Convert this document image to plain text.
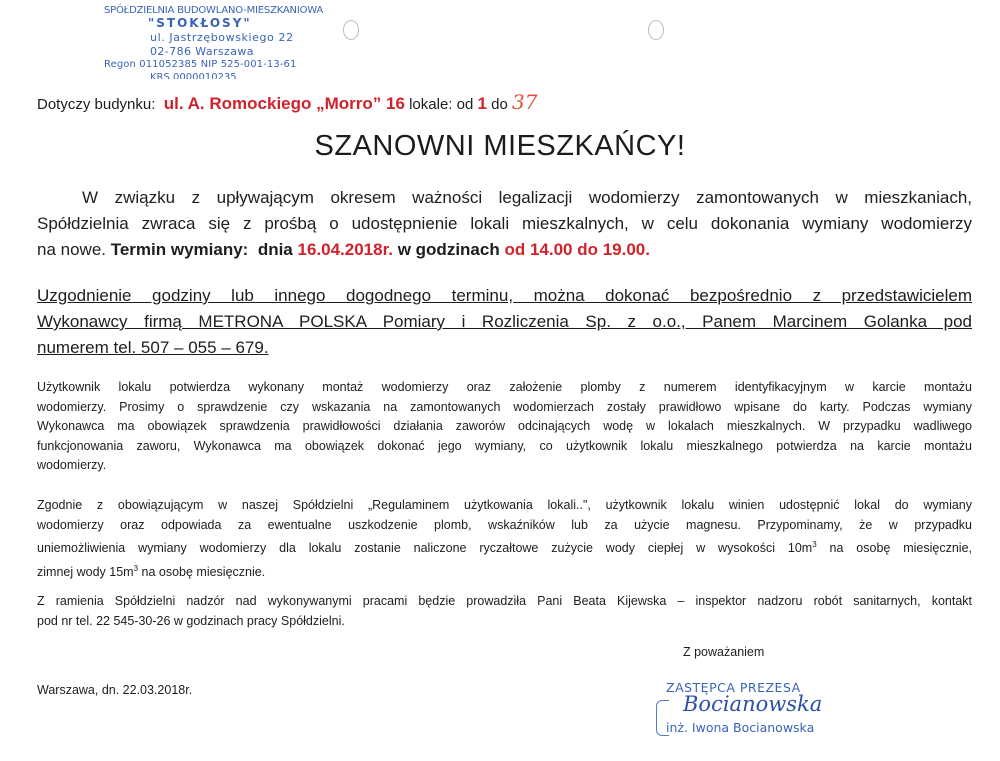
SPÓŁDZIELNIA BUDOWLANO-MIESZKANIOWA
"STOKŁOSY"
ul. Jastrzębowskiego 22
02-786 Warszawa
Regon 011052385 NIP 525-001-13-61
KRS 0000010235
Dotyczy budynku: ul. A. Romockiego „Morro” 16 lokale: od 1 do 37
SZANOWNI MIESZKAŃCY!
W związku z upływającym okresem ważności legalizacji wodomierzy zamontowanych w mieszkaniach,
Spółdzielnia zwraca się z prośbą o udostępnienie lokali mieszkalnych, w celu dokonania wymiany wodomierzy
na nowe. Termin wymiany: dnia 16.04.2018r. w godzinach od 14.00 do 19.00.
Uzgodnienie godziny lub innego dogodnego terminu, można dokonać bezpośrednio z przedstawicielem
Wykonawcy firmą METRONA POLSKA Pomiary i Rozliczenia Sp. z o.o., Panem Marcinem Golanka pod
numerem tel. 507 – 055 – 679.
Użytkownik lokalu potwierdza wykonany montaż wodomierzy oraz założenie plomby z numerem identyfikacyjnym w karcie montażu
wodomierzy. Prosimy o sprawdzenie czy wskazania na zamontowanych wodomierzach zostały prawidłowo wpisane do karty. Podczas wymiany
Wykonawca ma obowiązek sprawdzenia prawidłowości działania zaworów odcinających wodę w lokalach mieszkalnych. W przypadku wadliwego
funkcjonowania zaworu, Wykonawca ma obowiązek dokonać jego wymiany, co użytkownik lokalu mieszkalnego potwierdza na karcie montażu
wodomierzy.
Zgodnie z obowiązującym w naszej Spółdzielni „Regulaminem użytkowania lokali..", użytkownik lokalu winien udostępnić lokal do wymiany
wodomierzy oraz odpowiada za ewentualne uszkodzenie plomb, wskaźników lub za użycie magnesu. Przypominamy, że w przypadku
uniemożliwienia wymiany wodomierzy dla lokalu zostanie naliczone ryczałtowe zużycie wody ciepłej w wysokości $10m^3$ na osobę miesięcznie,
zimnej wody $15m^3$ na osobę miesięcznie.
Z ramienia Spółdzielni nadzór nad wykonywanymi pracami będzie prowadziła Pani Beata Kijewska – inspektor nadzoru robót sanitarnych, kontakt
pod nr tel. 22 545-30-26 w godzinach pracy Spółdzielni.
Z poważaniem
Warszawa, dn. 22.03.2018r.	ZASTĘPCA PREZESA
Bocianowska
inż. Iwona Bocianowska
